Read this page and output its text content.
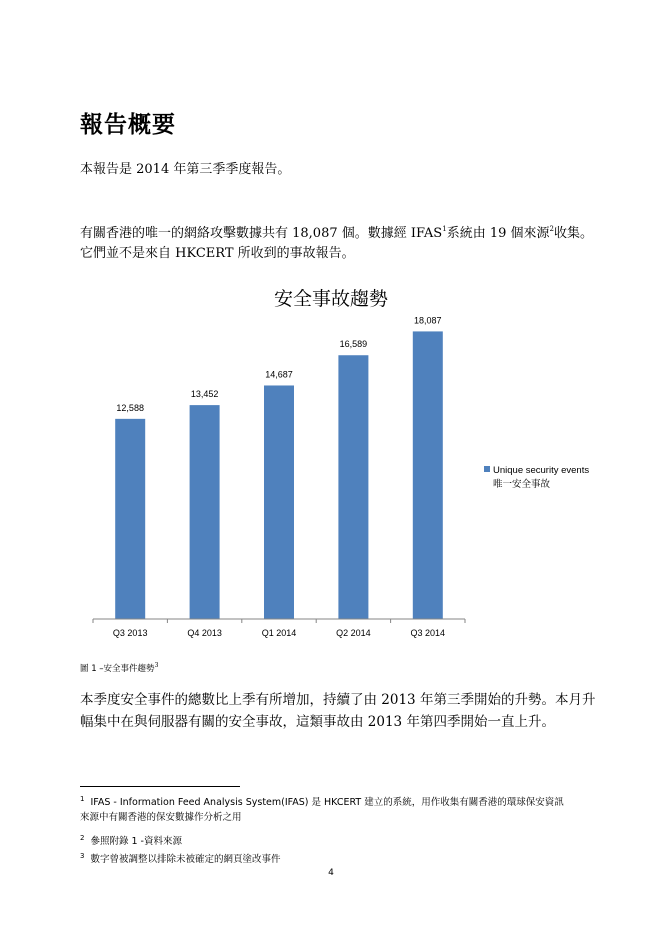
報告概要
本報告是 2014 年第三季季度報告。
有關香港的唯一的網絡攻擊數據共有 18,087 個。數據經 IFAS$^1$系統由 19 個來源$^2$收集。
它們並不是來自 HKCERT 所收到的事故報告。
安全事故趨勢
12,588
Q3 2013
13,452
Q4 2013
14,687
Q1 2014
16,589
Q2 2014
18,087
Q3 2014
Unique security events
唯一安全事故
圖 1 –安全事件趨勢$^3$
本季度安全事件的總數比上季有所增加，持續了由 2013 年第三季開始的升勢。本月升
幅集中在與伺服器有關的安全事故，這類事故由 2013 年第四季開始一直上升。
$^1$ IFAS - Information Feed Analysis System(IFAS) 是 HKCERT 建立的系統，用作收集有關香港的環球保安資訊
來源中有關香港的保安數據作分析之用
$^2$ 參照附錄 1 -資料來源
$^3$ 數字曾被調整以排除未被確定的網頁塗改事件
4
